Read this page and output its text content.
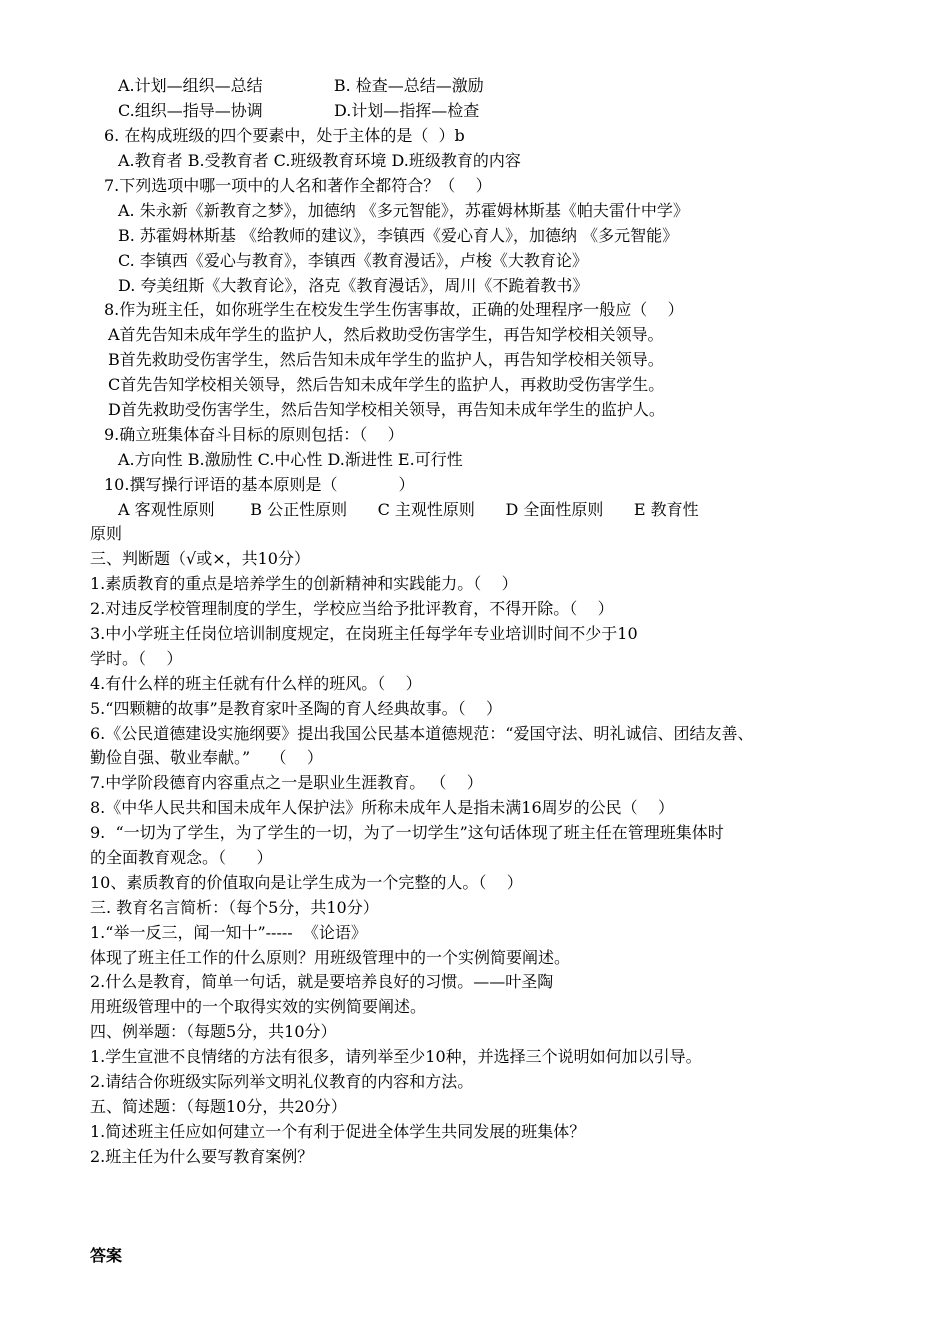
A.计划—组织—总结              B. 检查—总结—激励
C.组织—指导—协调              D.计划—指挥—检查
6. 在构成班级的四个要素中，处于主体的是（  ）b
A.教育者 B.受教育者 C.班级教育环境 D.班级教育的内容
7.下列选项中哪一项中的人名和著作全都符合？（    ）
A. 朱永新《新教育之梦》，加德纳 《多元智能》，苏霍姆林斯基《帕夫雷什中学》
B. 苏霍姆林斯基 《给教师的建议》，李镇西《爱心育人》，加德纳 《多元智能》
C. 李镇西《爱心与教育》，李镇西《教育漫话》，卢梭《大教育论》
D. 夸美纽斯《大教育论》，洛克《教育漫话》，周川《不跪着教书》
8.作为班主任，如你班学生在校发生学生伤害事故，正确的处理程序一般应（    ）
A首先告知未成年学生的监护人，然后救助受伤害学生，再告知学校相关领导。
B首先救助受伤害学生，然后告知未成年学生的监护人，再告知学校相关领导。
C首先告知学校相关领导，然后告知未成年学生的监护人，再救助受伤害学生。
D首先救助受伤害学生，然后告知学校相关领导，再告知未成年学生的监护人。
9.确立班集体奋斗目标的原则包括：（    ）
A.方向性 B.激励性 C.中心性 D.渐进性 E.可行性
10.撰写操行评语的基本原则是（            ）
A 客观性原则       B 公正性原则      C 主观性原则      D 全面性原则      E 教育性
原则
三、判断题（√或×，共10分）
1.素质教育的重点是培养学生的创新精神和实践能力。（    ）
2.对违反学校管理制度的学生，学校应当给予批评教育，不得开除。（    ）
3.中小学班主任岗位培训制度规定，在岗班主任每学年专业培训时间不少于10
学时。（    ）
4.有什么样的班主任就有什么样的班风。（    ）
5.“四颗糖的故事”是教育家叶圣陶的育人经典故事。（    ）
6.《公民道德建设实施纲要》提出我国公民基本道德规范：“爱国守法、明礼诚信、团结友善、
勤俭自强、敬业奉献。”    （    ）
7.中学阶段德育内容重点之一是职业生涯教育。 （    ）
8.《中华人民共和国未成年人保护法》所称未成年人是指未满16周岁的公民（    ）
9.  “一切为了学生，为了学生的一切，为了一切学生”这句话体现了班主任在管理班集体时
的全面教育观念。（      ）
10、素质教育的价值取向是让学生成为一个完整的人。（    ）
三. 教育名言简析：（每个5分，共10分）
1.“举一反三，闻一知十”-----  《论语》
体现了班主任工作的什么原则？用班级管理中的一个实例简要阐述。
2.什么是教育，简单一句话，就是要培养良好的习惯。——叶圣陶
用班级管理中的一个取得实效的实例简要阐述。
四、例举题：（每题5分，共10分）
1.学生宣泄不良情绪的方法有很多，请列举至少10种，并选择三个说明如何加以引导。
2.请结合你班级实际列举文明礼仪教育的内容和方法。
五、简述题：（每题10分，共20分）
1.简述班主任应如何建立一个有利于促进全体学生共同发展的班集体？
2.班主任为什么要写教育案例？
答案
